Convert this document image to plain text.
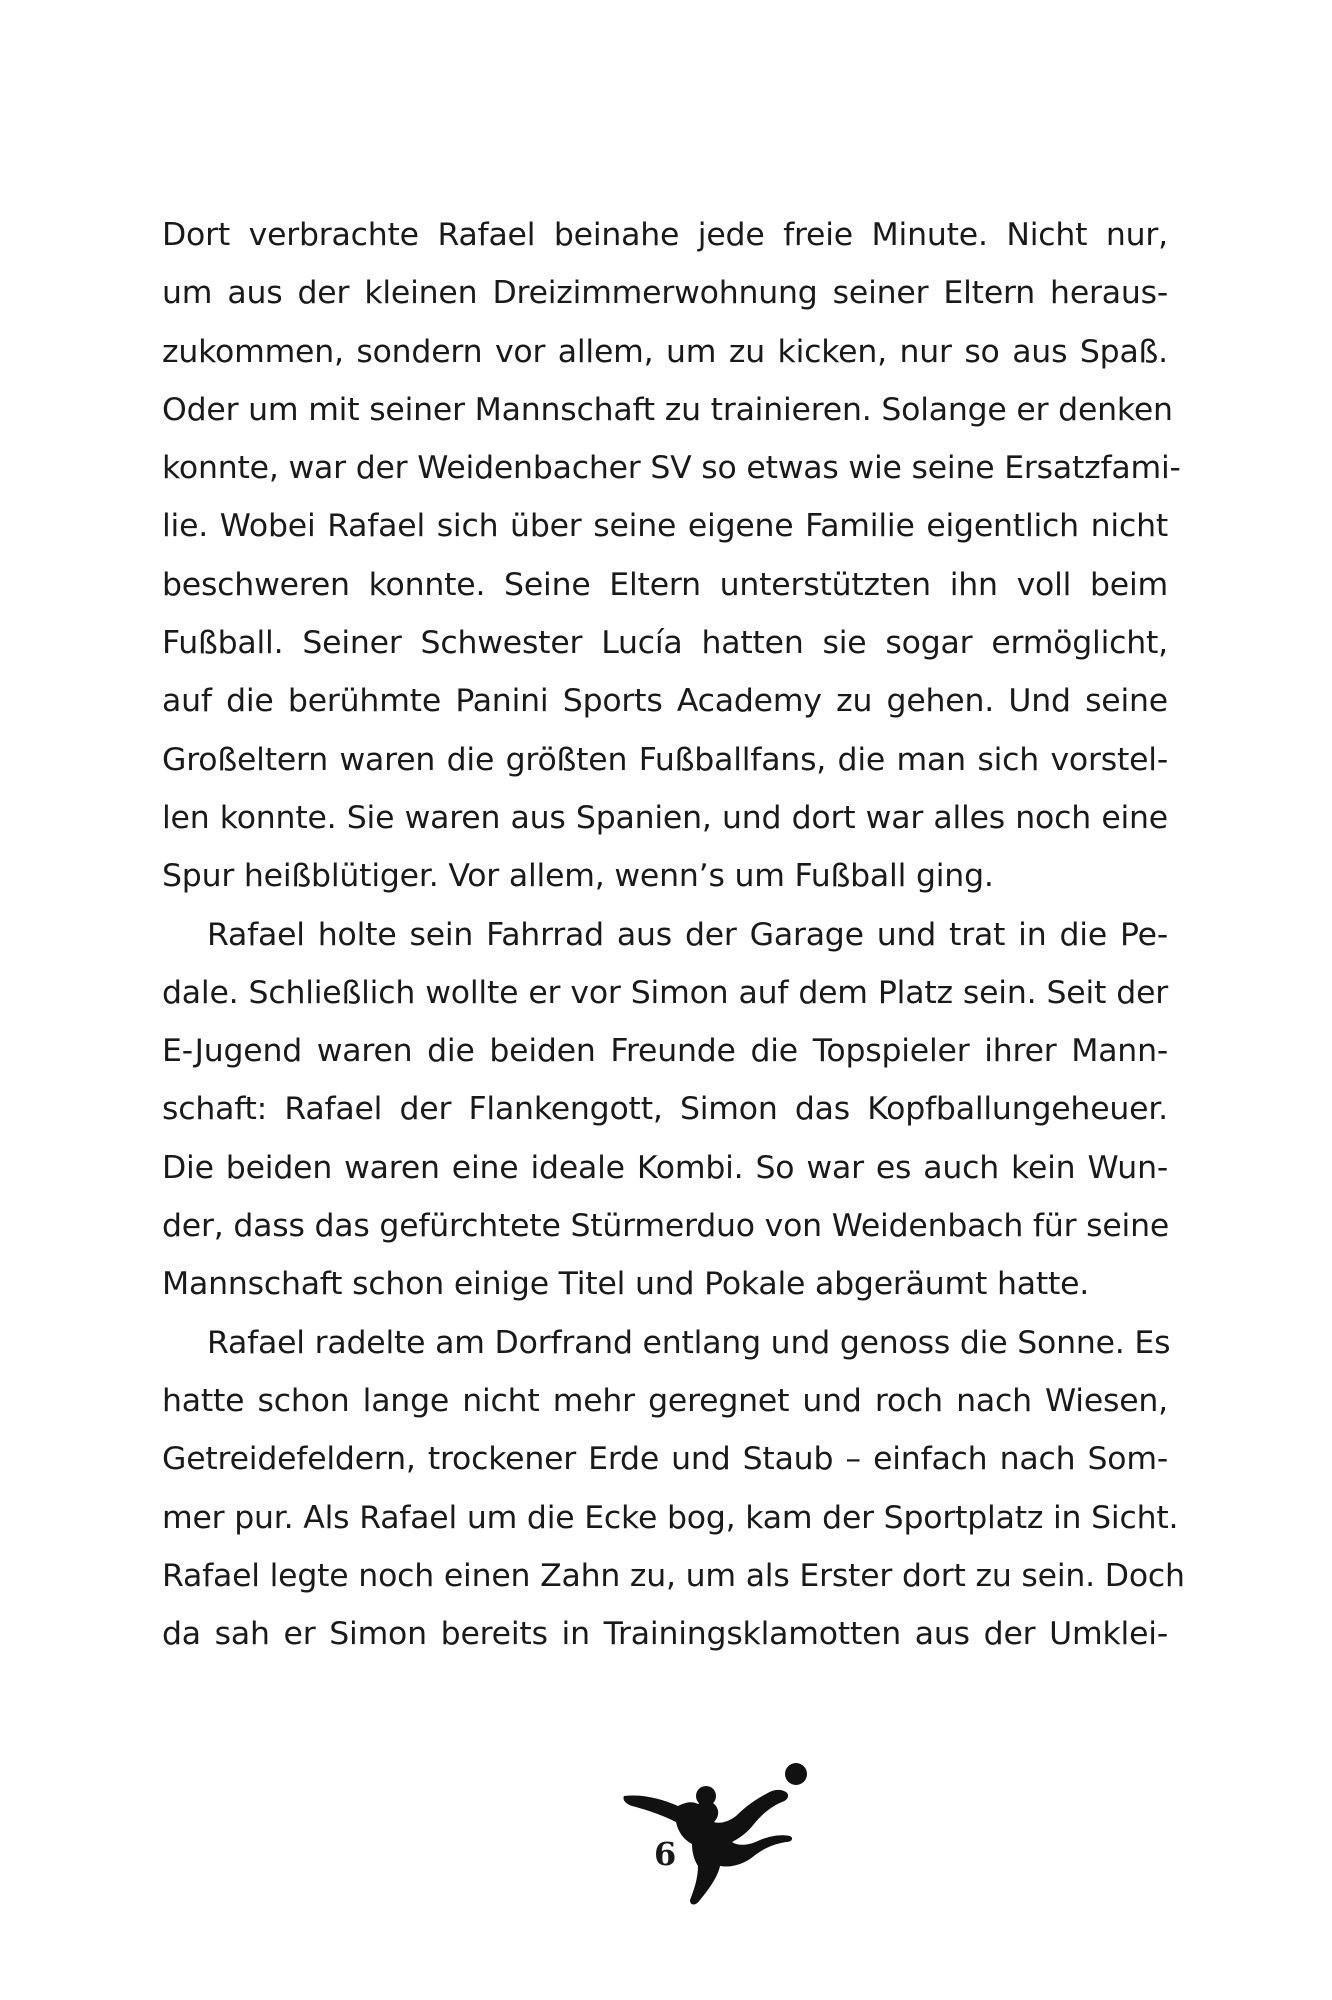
Dort verbrachte Rafael beinahe jede freie Minute. Nicht nur,
um aus der kleinen Dreizimmerwohnung seiner Eltern heraus-
zukommen, sondern vor allem, um zu kicken, nur so aus Spaß.
Oder um mit seiner Mannschaft zu trainieren. Solange er denken
konnte, war der Weidenbacher SV so etwas wie seine Ersatzfami-
lie. Wobei Rafael sich über seine eigene Familie eigentlich nicht
beschweren konnte. Seine Eltern unterstützten ihn voll beim
Fußball. Seiner Schwester Lucía hatten sie sogar ermöglicht,
auf die berühmte Panini Sports Academy zu gehen. Und seine
Großeltern waren die größten Fußballfans, die man sich vorstel-
len konnte. Sie waren aus Spanien, und dort war alles noch eine
Spur heißblütiger. Vor allem, wenn’s um Fußball ging.
Rafael holte sein Fahrrad aus der Garage und trat in die Pe-
dale. Schließlich wollte er vor Simon auf dem Platz sein. Seit der
E-Jugend waren die beiden Freunde die Topspieler ihrer Mann-
schaft: Rafael der Flankengott, Simon das Kopfballungeheuer.
Die beiden waren eine ideale Kombi. So war es auch kein Wun-
der, dass das gefürchtete Stürmerduo von Weidenbach für seine
Mannschaft schon einige Titel und Pokale abgeräumt hatte.
Rafael radelte am Dorfrand entlang und genoss die Sonne. Es
hatte schon lange nicht mehr geregnet und roch nach Wiesen,
Getreidefeldern, trockener Erde und Staub – einfach nach Som-
mer pur. Als Rafael um die Ecke bog, kam der Sportplatz in Sicht.
Rafael legte noch einen Zahn zu, um als Erster dort zu sein. Doch
da sah er Simon bereits in Trainingsklamotten aus der Umklei-
6
